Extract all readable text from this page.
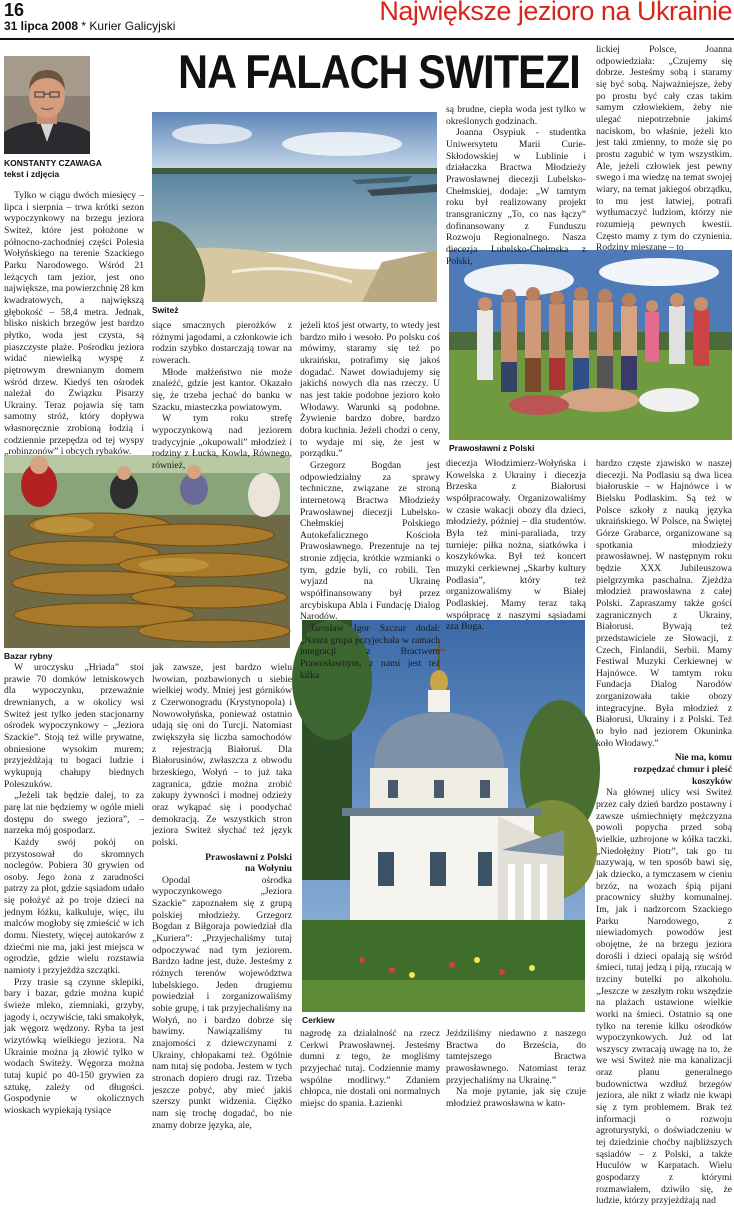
16
31 lipca 2008 * Kurier Galicyjski	Największe jezioro na Ukrainie
NA FALACH SWITEZI
KONSTANTY CZAWAGA
tekst i zdjęcia
Switeż
Bazar rybny
Prawosławni z Polski
Cerkiew

Tylko w ciągu dwóch miesięcy – lipca i sierpnia – trwa krótki sezon wypoczynkowy na brzegu jeziora Switeż, które jest położone w północno-zachodniej części Polesia Wołyńskiego na terenie Szackiego Parku Narodowego. Wśród 21 leżących tam jezior, jest ono największe, ma powierzchnię 28 km kwadratowych, a największą głębokość – 58,4 metra. Jednak, blisko niskich brzegów jest bardzo płytko, woda jest czysta, są piaszczyste plaże. Pośrodku jeziora widać niewielką wyspę z piętrowym drewnianym domem wśród drzew. Kiedyś ten ośrodek należał do Związku Pisarzy Ukrainy. Teraz pojawia się tam samotny stróż, który dopływa własnoręcznie zrobioną łodzią i codziennie przepędza od tej wyspy „robinzonów” i obcych rybaków.

W uroczysku „Hriada” stoi prawie 70 domków letniskowych dla wypoczynku, przeważnie drewnianych, a w okolicy wsi Switeż jest tylko jeden stacjonarny ośrodek wypoczynkowy – „Jeziora Szackie”. Stoją też wille prywatne, obniesione wysokim murem; przyjeżdżają tu bogaci ludzie i wykupują chałupy biednych Poleszuków.

„Jeżeli tak będzie dalej, to za parę lat nie będziemy w ogóle mieli dostępu do swego jeziora”, – narzeka mój gospodarz.

Każdy swój pokój on przystosował do skromnych noclegów. Pobiera 30 grywien od osoby. Jego żona z zaradności patrzy za płot, gdzie sąsiadom udało się położyć aż po troje dzieci na jednym łóżku, kalkuluje, więc, ilu malców mogłoby się zmieścić w ich domu. Niestety, więcej autokarów z dziećmi nie ma, jaki jest miejsca w ogrodzie, gdzie wielu rozstawia namioty i przyjeżdża szczątki.

Przy trasie są czynne sklepiki, bary i bazar, gdzie można kupić świeże mleko, ziemniaki, grzyby, jagody i, oczywiście, taki smakołyk, jak węgorz wędzony. Ryba ta jest wizytówką wielkiego jeziora. Na Ukrainie można ją złowić tylko w wodach Switeży. Węgorza można tutaj kupić po 40-150 grywien za sztukę, zależy od długości. Gospodynie w okolicznych wioskach wypiekają tysiące

siące smacznych pierożków z różnymi jagodami, a członkowie ich rodzin szybko dostarczają towar na rowerach.

Młode małżeństwo nie może znaleźć, gdzie jest kantor. Okazało się, że trzeba jechać do banku w Szacku, miasteczka powiatowym.

W tym roku strefę wypoczynkową nad jeziorem tradycyjnie „okupowali” młodzież i rodziny z Łucka, Kowla, Równego, również,

jak zawsze, jest bardzo wielu lwowian, pozbawionych u siebie wielkiej wody. Mniej jest górników z Czerwonogradu (Krystynopola) i Nowowołyńska, ponieważ ostatnio udają się oni do Turcji. Natomiast zwiększyła się liczba samochodów z rejestracją Białoruś. Dla Białorusinów, zwłaszcza z obwodu brzeskiego, Wołyń – to już taka zagranica, gdzie można zrobić zakupy żywności i modnej odzieży oraz wykąpać się i poodychać demokracją. Ze wszystkich stron jeziora Switeż słychać też język polski.

Prawosławni z Polski

na Wołyniu

Opodal ośrodka wypoczynkowego „Jeziora Szackie” zapoznałem się z grupą polskiej młodzieży. Grzegorz Bogdan z Biłgoraja powiedział dla „Kuriera”: „Przyjechaliśmy tutaj odpoczywać nad tym jeziorem. Bardzo ładne jest, duże. Jesteśmy z różnych terenów województwa lubelskiego. Jeden drugiemu powiedział i zorganizowaliśmy sobie grupę, i tak przyjechaliśmy na Wołyń, no i bardzo dobrze się bawimy. Nawiązaliśmy tu znajomości z dziewczynami z Ukrainy, chłopakami też. Ogólnie nam tutaj się podoba. Jestem w tych stronach dopiero drugi raz. Trzeba jeszcze pobyć, aby mieć jakiś szerszy punkt widzenia. Ciężko nam się trochę dogadać, bo nie znamy dobrze języka, ale,

jeżeli ktoś jest otwarty, to wtedy jest bardzo miło i wesoło. Po polsku coś mówimy, staramy się też po ukraińsku, potrafimy się jakoś dogadać. Nawet dowiadujemy się jakichś nowych dla nas rzeczy. U nas jest takie podobne jezioro koło Włodawy. Warunki są podobne. Żywienie bardzo dobre, bardzo dobra kuchnia. Jeżeli chodzi o ceny, to wydaje mi się, że jest w porządku.”

Grzegorz Bogdan jest odpowiedzialny za sprawy techniczne, związane ze stroną internetową Bractwa Młodzieży Prawosławnej diecezji Lubelsko-Chełmskiej Polskiego Autokefalicznego Kościoła Prawosławnego. Prezentuje na tej stronie zdjęcia, krótkie wzmianki o tym, gdzie byli, co robili. Ten wyjazd na Ukrainę współfinansowany był przez arcybiskupa Abla i Fundację Dialog Narodów.

Jarosław Igor Szczur dodał: „Nasza grupa przyjechała w ramach integracji z Bractwem Prawosławnym, z nami jest też kilka

nagrodę za działalność na rzecz Cerkwi Prawosławnej. Jesteśmy dumni z tego, że mogliśmy przyjechać tutaj. Codziennie mamy wspólne modlitwy.” Zdaniem chłopca, nie dostali oni normalnych miejsc do spania. Łazienki

są brudne, ciepła woda jest tylko w określonych godzinach.

Joanna Osypiuk - studentka Uniwersytetu Marii Curie-Skłodowskiej w Lublinie i działaczka Bractwa Młodzieży Prawosławnej diecezji Lubelsko-Chełmskiej, dodaje: „W tamtym roku był realizowany projekt transgraniczny „To, co nas łączy” dofinansowany z Funduszu Rozwoju Regionalnego. Nasza diecezja Lubelsko-Chełmska z Polski,

diecezja Włodzimierz-Wołyńska i Kowelska z Ukrainy i diecezja Brzeska z Białorusi współpracowały. Organizowaliśmy w czasie wakacji obozy dla dzieci, młodzieży, później – dla studentów. Była też mini-paraliada, trzy turnieje: piłka nożna, siatkówka i koszykówka. Był też koncert muzyki cerkiewnej „Skarby kultury Podlasia”, który też organizowaliśmy w Białej Podlaskiej. Mamy teraz taką współpracę z naszymi sąsiadami zza Buga.

Jeździliśmy niedawno z naszego Bractwa do Brześcia, do tamtejszego Bractwa prawosławnego. Natomiast teraz przyjechaliśmy na Ukrainę.”

Na moje pytanie, jak się czuje młodzież prawosławna w kato-

lickiej Polsce, Joanna odpowiedziała: „Czujemy się dobrze. Jesteśmy sobą i staramy się być sobą. Najważniejsze, żeby po prostu być cały czas takim samym człowiekiem, żeby nie ulegać niepotrzebnie jakimś naciskom, bo właśnie, jeżeli kto jest taki zmienny, to może się po prostu zagubić w tym wszystkim. Ale, jeżeli człowiek jest pewny swego i ma wiedzę na temat swojej wiary, na temat jakiegoś obrządku, to mu jest łatwiej, potrafi wytłumaczyć ludziom, którzy nie rozumieją pewnych kwestii. Często mamy z tym do czynienia. Rodziny mieszane – to

bardzo częste zjawisko w naszej diecezji. Na Podlasiu są dwa licea białoruskie – w Hajnówce i w Bielsku Podlaskim. Są też w Polsce szkoły z nauką języka ukraińskiego. W Polsce, na Świętej Górze Grabarce, organizowane są spotkania młodzieży prawosławnej. W następnym roku będzie XXX Jubileuszowa pielgrzymka paschalna. Zjeżdża młodzież prawosławna z całej Polski. Zapraszamy także gości zagranicznych z Ukrainy, Białorusi. Bywają też przedstawiciele ze Słowacji, z Czech, Finlandii, Serbii. Mamy Festiwal Muzyki Cerkiewnej w Hajnówce. W tamtym roku Fundacja Dialog Narodów zorganizowała takie obozy integracyjne. Była młodzież z Białorusi, Ukrainy i z Polski. Też to było nad jeziorem Okuninka koło Włodawy.”

Nie ma, komu

rozpędzać chmur i pleść koszyków

Na głównej ulicy wsi Switeż przez cały dzień bardzo postawny i zawsze uśmiechnięty mężczyzna powoli popycha przed sobą wielkie, uzbrojone w kółka taczki. „Niedołężny Piotr”, tak go tu nazywają, w ten sposób bawi się, jak dziecko, a tymczasem w cieniu brzóz, na wozach śpią pijani pracownicy służby komunalnej. Im, jak i nadzorcom Szackiego Parku Narodowego, z niewiadomych powodów jest obojętne, że na brzegu jeziora dorośli i dzieci opalają się wśród śmieci, tutaj jedzą i piją, rzucają w trzciny butelki po alkoholu. „Jeszcze w zeszłym roku wszędzie na plażach ustawione wielkie worki na śmieci. Ostatnio są one tylko na terenie kilku ośrodków wypoczynkowych. Już od lat wszyscy zwracają uwagę na to, że we wsi Switeż nie ma kanalizacji oraz planu generalnego budownictwa wzdłuż brzegów jeziora, ale nikt z władz nie kwapi się z tym problemem. Brak też informacji o rozwoju agroturystyki, o doświadczeniu w tej dziedzinie choćby najbliższych sąsiadów – z Polski, a także Huculów w Karpatach. Wielu gospodarzy z którymi rozmawiałem, dziwiło się, że ludzie, którzy przyjeżdżają nad
